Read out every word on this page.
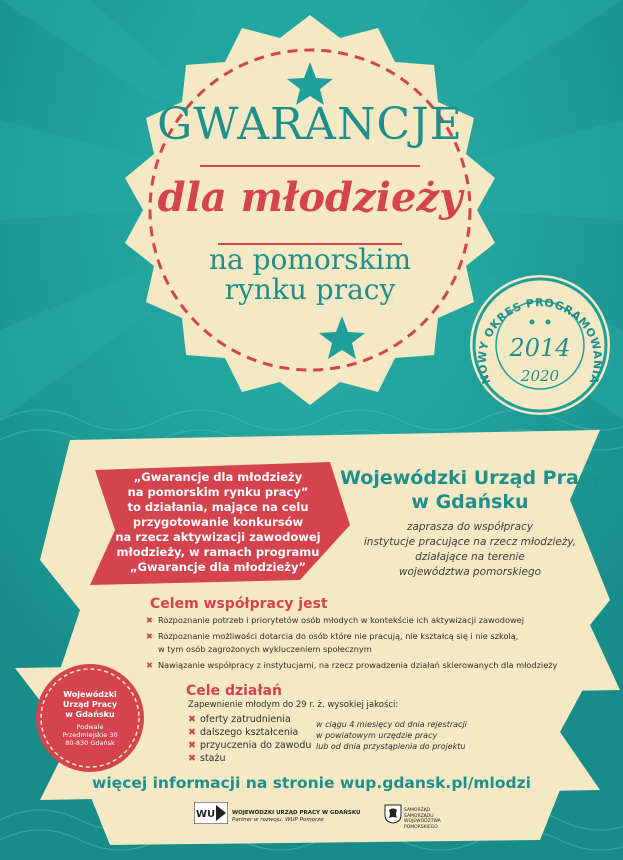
NOWY OKRES PROGRAMOWANIA
2014
2020
GWARANCJE
dla młodzieży
na pomorskim
rynku pracy
„Gwarancje dla młodzieży
na pomorskim rynku pracy”
to działania, mające na celu
przygotowanie konkursów
na rzecz aktywizacji zawodowej
młodzieży, w ramach programu
„Gwarancje dla młodzieży”
Wojewódzki Urząd Pracy
w Gdańsku
zaprasza do współpracy
instytucje pracujące na rzecz młodzieży,
działające na terenie
województwa pomorskiego
Celem współpracy jest
✖ Rozpoznanie potrzeb i priorytetów osób młodych w kontekście ich aktywizacji zawodowej
✖ Rozpoznanie możliwości dotarcia do osób które nie pracują, nie kształcą się i nie szkolą,
w tym osób zagrożonych wykluczeniem społecznym
✖ Nawiązanie współpracy z instytucjami, na rzecz prowadzenia działań skierowanych dla młodzieży
Wojewódzki
Urząd Pracy
w Gdańsku
Podwale
Przedmiejskie 30
80-830 Gdańsk
Cele działań
Zapewnienie młodym do 29 r. ż. wysokiej jakości:
✖ oferty zatrudnienia
✖ dalszego kształcenia
✖ przyuczenia do zawodu
✖ stażu
w ciągu 4 miesięcy od dnia rejestracji
w powiatowym urzędzie pracy
lub od dnia przystąpienia do projektu
więcej informacji na stronie wup.gdansk.pl/mlodzi
WUP WOJEWÓDZKI URZĄD PRACY W GDAŃSKU
Partner w rozwoju. WUP Pomorze
SAMORZĄD
SAMORZĄDU
WOJEWÓDZTWA
POMORSKIEGO
